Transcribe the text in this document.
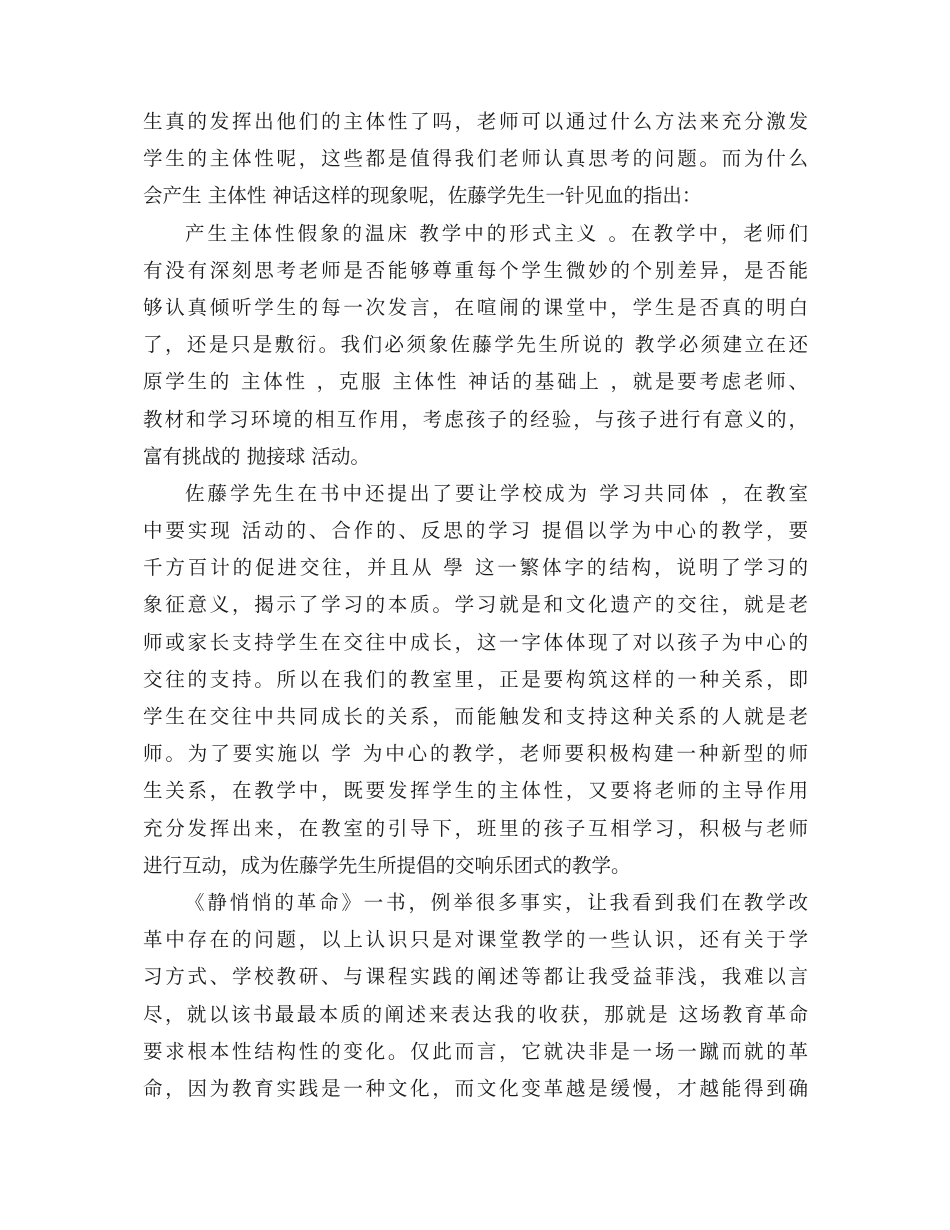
生真的发挥出他们的主体性了吗，老师可以通过什么方法来充分激发
学生的主体性呢，这些都是值得我们老师认真思考的问题。而为什么
会产生 主体性 神话这样的现象呢，佐藤学先生一针见血的指出：
产生主体性假象的温床 教学中的形式主义 。在教学中，老师们
有没有深刻思考老师是否能够尊重每个学生微妙的个别差异，是否能
够认真倾听学生的每一次发言，在喧闹的课堂中，学生是否真的明白
了，还是只是敷衍。我们必须象佐藤学先生所说的 教学必须建立在还
原学生的 主体性 ，克服 主体性 神话的基础上 ，就是要考虑老师、
教材和学习环境的相互作用，考虑孩子的经验，与孩子进行有意义的，
富有挑战的 抛接球 活动。
佐藤学先生在书中还提出了要让学校成为 学习共同体 ，在教室
中要实现 活动的、合作的、反思的学习 提倡以学为中心的教学，要
千方百计的促进交往，并且从 學 这一繁体字的结构，说明了学习的
象征意义，揭示了学习的本质。学习就是和文化遗产的交往，就是老
师或家长支持学生在交往中成长，这一字体体现了对以孩子为中心的
交往的支持。所以在我们的教室里，正是要构筑这样的一种关系，即
学生在交往中共同成长的关系，而能触发和支持这种关系的人就是老
师。为了要实施以 学 为中心的教学，老师要积极构建一种新型的师
生关系，在教学中，既要发挥学生的主体性，又要将老师的主导作用
充分发挥出来，在教室的引导下，班里的孩子互相学习，积极与老师
进行互动，成为佐藤学先生所提倡的交响乐团式的教学。
《静悄悄的革命》一书，例举很多事实，让我看到我们在教学改
革中存在的问题，以上认识只是对课堂教学的一些认识，还有关于学
习方式、学校教研、与课程实践的阐述等都让我受益菲浅，我难以言
尽，就以该书最最本质的阐述来表达我的收获，那就是 这场教育革命
要求根本性结构性的变化。仅此而言，它就决非是一场一蹴而就的革
命，因为教育实践是一种文化，而文化变革越是缓慢，才越能得到确
